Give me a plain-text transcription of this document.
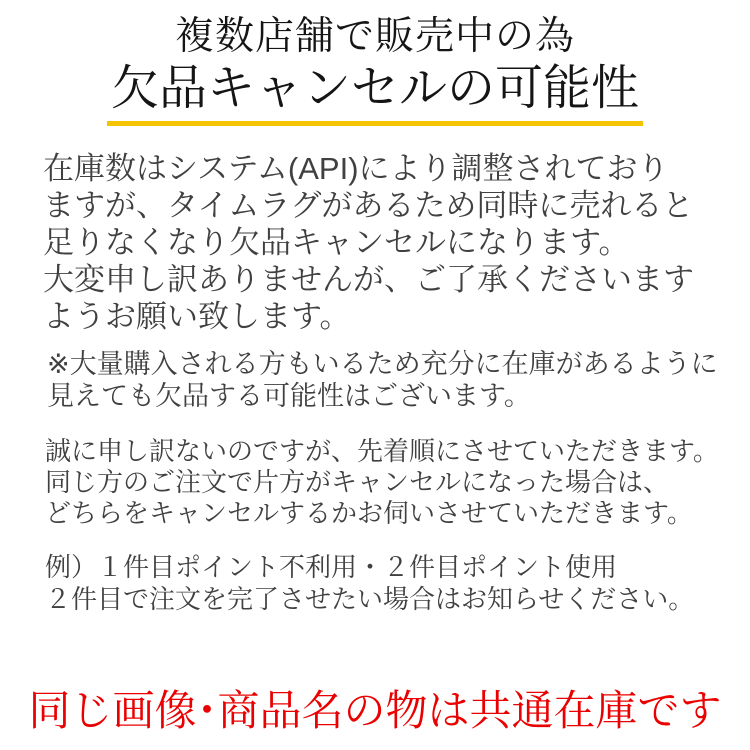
複数店舗で販売中の為
欠品キャンセルの可能性
在庫数はシステム(API)により調整されており
ますが、タイムラグがあるため同時に売れると
足りなくなり欠品キャンセルになります。
大変申し訳ありませんが、ご了承くださいます
ようお願い致します。
※大量購入される方もいるため充分に在庫があるように
見えても欠品する可能性はございます。
誠に申し訳ないのですが、先着順にさせていただきます。
同じ方のご注文で片方がキャンセルになった場合は、
どちらをキャンセルするかお伺いさせていただきます。
例）１件目ポイント不利用・２件目ポイント使用
２件目で注文を完了させたい場合はお知らせください。
同じ画像･商品名の物は共通在庫です
